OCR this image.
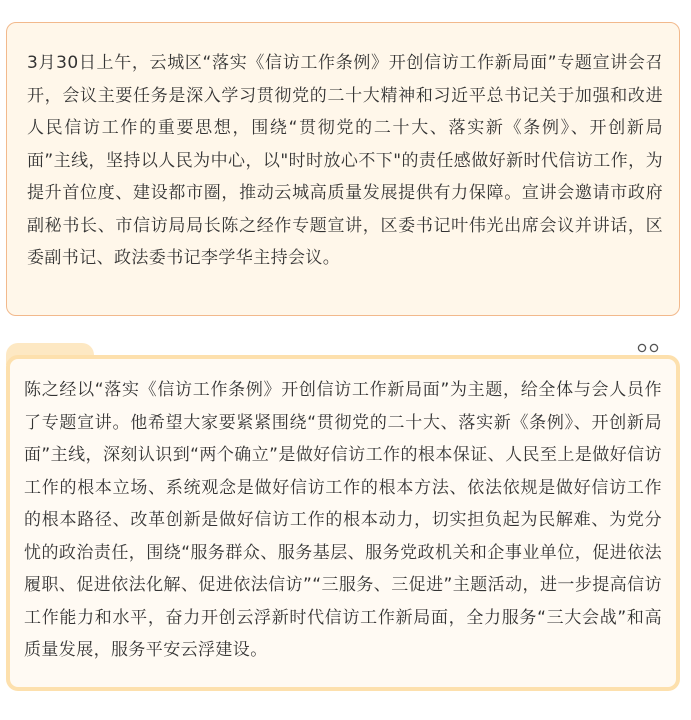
3月30日上午，云城区“落实《信访工作条例》开创信访工作新局面”专题宣讲会召开，会议主要任务是深入学习贯彻党的二十大精神和习近平总书记关于加强和改进人民信访工作的重要思想，围绕“贯彻党的二十大、落实新《条例》、开创新局面”主线，坚持以人民为中心，以"时时放心不下"的责任感做好新时代信访工作，为提升首位度、建设都市圈，推动云城高质量发展提供有力保障。宣讲会邀请市政府副秘书长、市信访局局长陈之经作专题宣讲，区委书记叶伟光出席会议并讲话，区委副书记、政法委书记李学华主持会议。

陈之经以“落实《信访工作条例》开创信访工作新局面”为主题，给全体与会人员作了专题宣讲。他希望大家要紧紧围绕“贯彻党的二十大、落实新《条例》、开创新局面”主线，深刻认识到“两个确立”是做好信访工作的根本保证、人民至上是做好信访工作的根本立场、系统观念是做好信访工作的根本方法、依法依规是做好信访工作的根本路径、改革创新是做好信访工作的根本动力，切实担负起为民解难、为党分忧的政治责任，围绕“服务群众、服务基层、服务党政机关和企事业单位，促进依法履职、促进依法化解、促进依法信访”“三服务、三促进”主题活动，进一步提高信访工作能力和水平，奋力开创云浮新时代信访工作新局面，全力服务“三大会战”和高质量发展，服务平安云浮建设。
